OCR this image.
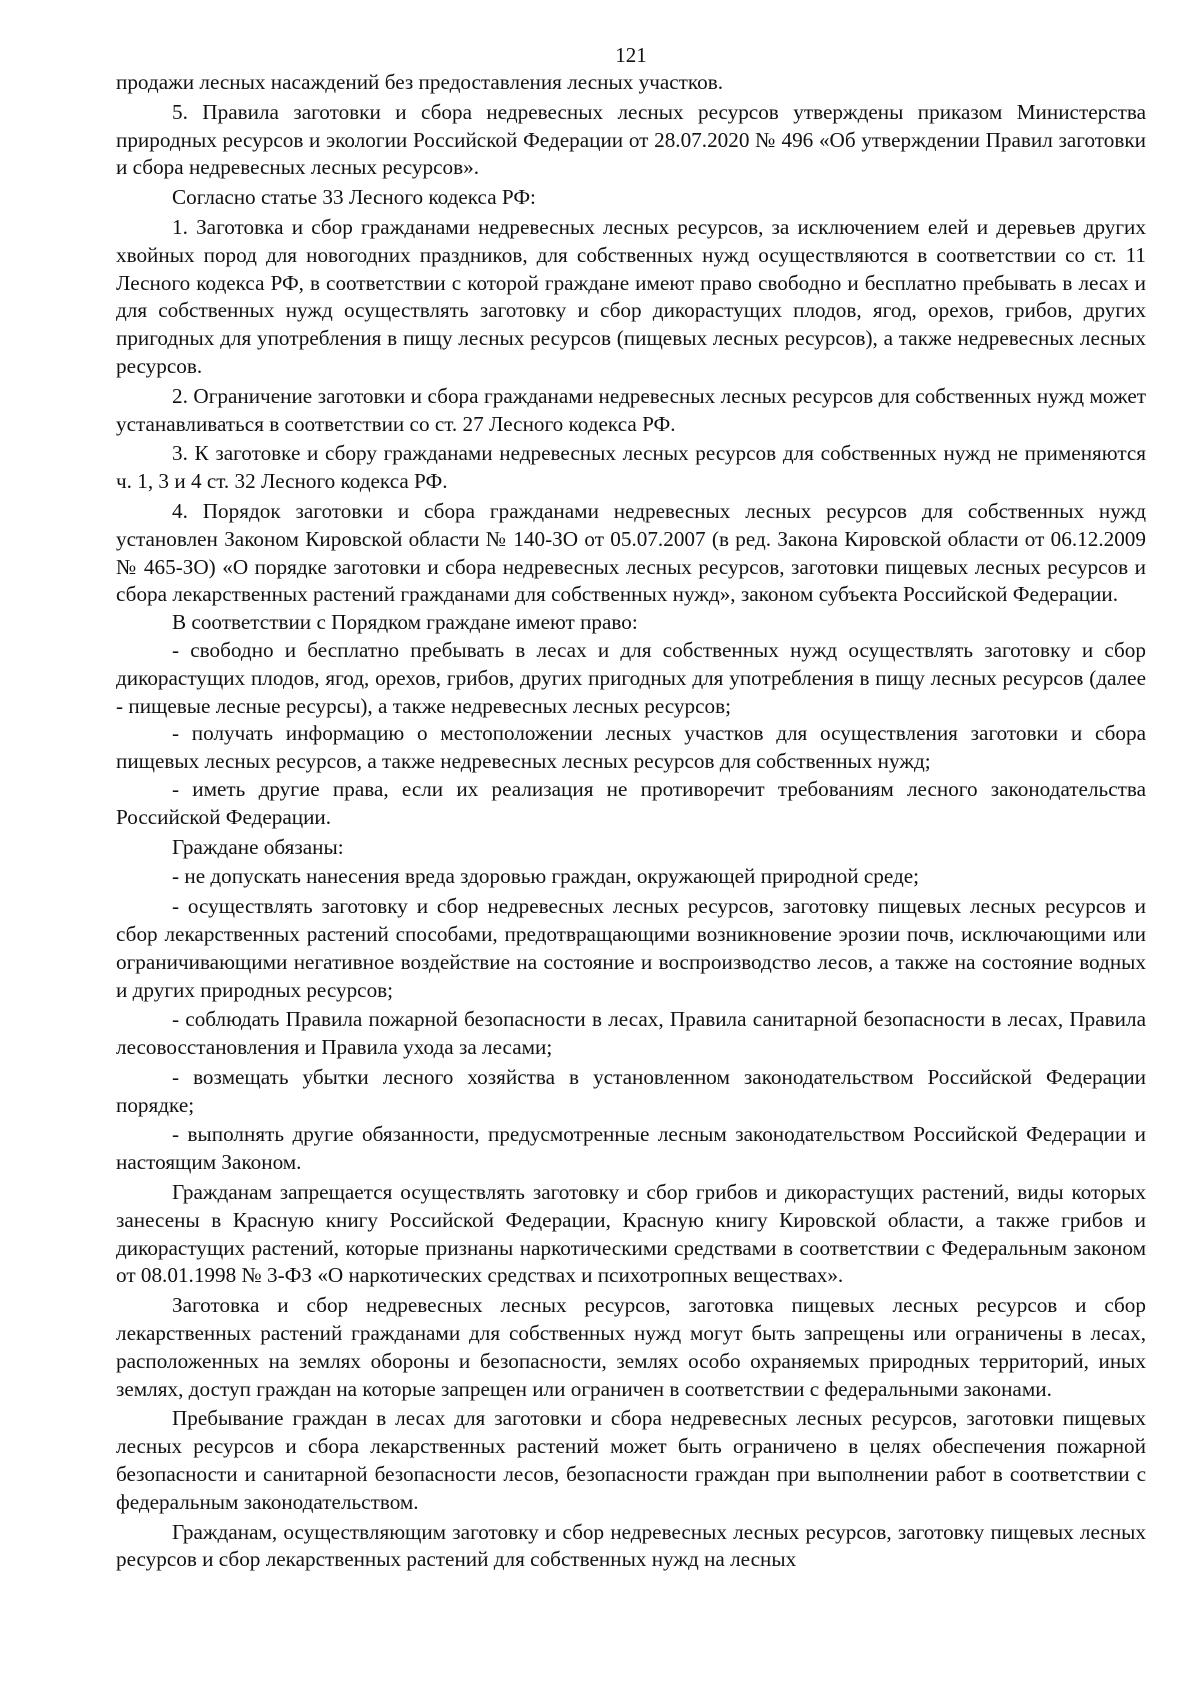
121

продажи лесных насаждений без предоставления лесных участков.

5. Правила заготовки и сбора недревесных лесных ресурсов утверждены приказом Министерства природных ресурсов и экологии Российской Федерации от 28.07.2020 № 496 «Об утверждении Правил заготовки и сбора недревесных лесных ресурсов».

Согласно статье 33 Лесного кодекса РФ:

1. Заготовка и сбор гражданами недревесных лесных ресурсов, за исключением елей и деревьев других хвойных пород для новогодних праздников, для собственных нужд осуществляются в соответствии со ст. 11 Лесного кодекса РФ, в соответствии с которой граждане имеют право свободно и бесплатно пребывать в лесах и для собственных нужд осуществлять заготовку и сбор дикорастущих плодов, ягод, орехов, грибов, других пригодных для употребления в пищу лесных ресурсов (пищевых лесных ресурсов), а также недревесных лесных ресурсов.

2. Ограничение заготовки и сбора гражданами недревесных лесных ресурсов для собственных нужд может устанавливаться в соответствии со ст. 27 Лесного кодекса РФ.

3. К заготовке и сбору гражданами недревесных лесных ресурсов для собственных нужд не применяются ч. 1, 3 и 4 ст. 32 Лесного кодекса РФ.

4. Порядок заготовки и сбора гражданами недревесных лесных ресурсов для собственных нужд установлен Законом Кировской области № 140-ЗО от 05.07.2007 (в ред. Закона Кировской области от 06.12.2009 № 465-ЗО) «О порядке заготовки и сбора недревесных лесных ресурсов, заготовки пищевых лесных ресурсов и сбора лекарственных растений гражданами для собственных нужд», законом субъекта Российской Федерации.

В соответствии с Порядком граждане имеют право:

- свободно и бесплатно пребывать в лесах и для собственных нужд осуществлять заготовку и сбор дикорастущих плодов, ягод, орехов, грибов, других пригодных для употребления в пищу лесных ресурсов (далее - пищевые лесные ресурсы), а также недревесных лесных ресурсов;

- получать информацию о местоположении лесных участков для осуществления заготовки и сбора пищевых лесных ресурсов, а также недревесных лесных ресурсов для собственных нужд;

- иметь другие права, если их реализация не противоречит требованиям лесного законодательства Российской Федерации.

Граждане обязаны:

- не допускать нанесения вреда здоровью граждан, окружающей природной среде;

- осуществлять заготовку и сбор недревесных лесных ресурсов, заготовку пищевых лесных ресурсов и сбор лекарственных растений способами, предотвращающими возникновение эрозии почв, исключающими или ограничивающими негативное воздействие на состояние и воспроизводство лесов, а также на состояние водных и других природных ресурсов;

- соблюдать Правила пожарной безопасности в лесах, Правила санитарной безопасности в лесах, Правила лесовосстановления и Правила ухода за лесами;

- возмещать убытки лесного хозяйства в установленном законодательством Российской Федерации порядке;

- выполнять другие обязанности, предусмотренные лесным законодательством Российской Федерации и настоящим Законом.

Гражданам запрещается осуществлять заготовку и сбор грибов и дикорастущих растений, виды которых занесены в Красную книгу Российской Федерации, Красную книгу Кировской области, а также грибов и дикорастущих растений, которые признаны наркотическими средствами в соответствии с Федеральным законом от 08.01.1998 № 3-ФЗ «О наркотических средствах и психотропных веществах».

Заготовка и сбор недревесных лесных ресурсов, заготовка пищевых лесных ресурсов и сбор лекарственных растений гражданами для собственных нужд могут быть запрещены или ограничены в лесах, расположенных на землях обороны и безопасности, землях особо охраняемых природных территорий, иных землях, доступ граждан на которые запрещен или ограничен в соответствии с федеральными законами.

Пребывание граждан в лесах для заготовки и сбора недревесных лесных ресурсов, заготовки пищевых лесных ресурсов и сбора лекарственных растений может быть ограничено в целях обеспечения пожарной безопасности и санитарной безопасности лесов, безопасности граждан при выполнении работ в соответствии с федеральным законодательством.

Гражданам, осуществляющим заготовку и сбор недревесных лесных ресурсов, заготовку пищевых лесных ресурсов и сбор лекарственных растений для собственных нужд на лесных
